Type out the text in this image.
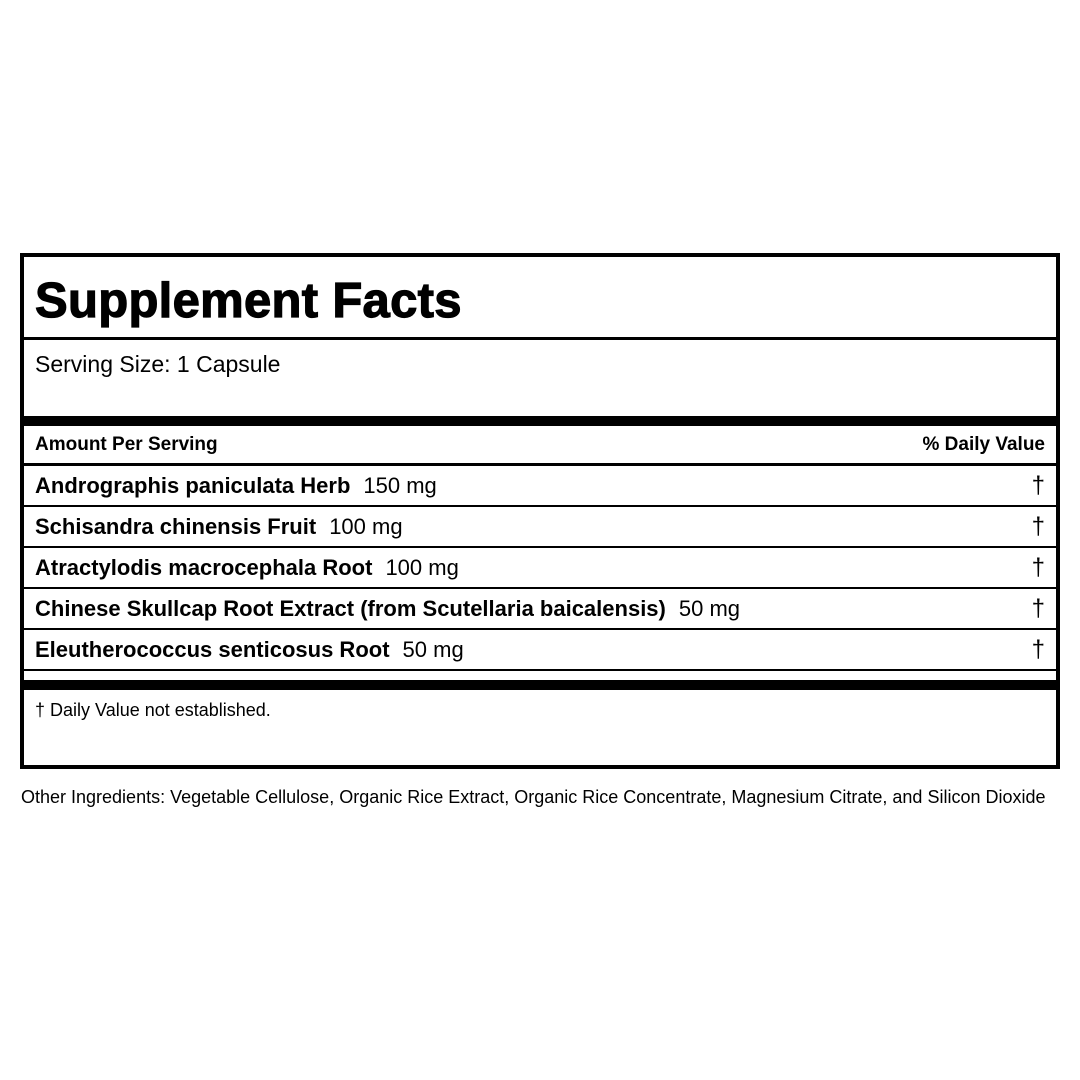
Supplement Facts
Serving Size: 1 Capsule
Amount Per Serving	% Daily Value
Andrographis paniculata Herb 150 mg	†
Schisandra chinensis Fruit 100 mg	†
Atractylodis macrocephala Root 100 mg	†
Chinese Skullcap Root Extract (from Scutellaria baicalensis) 50 mg	†
Eleutherococcus senticosus Root 50 mg	†
† Daily Value not established.
Other Ingredients: Vegetable Cellulose, Organic Rice Extract, Organic Rice Concentrate, Magnesium Citrate, and Silicon Dioxide
